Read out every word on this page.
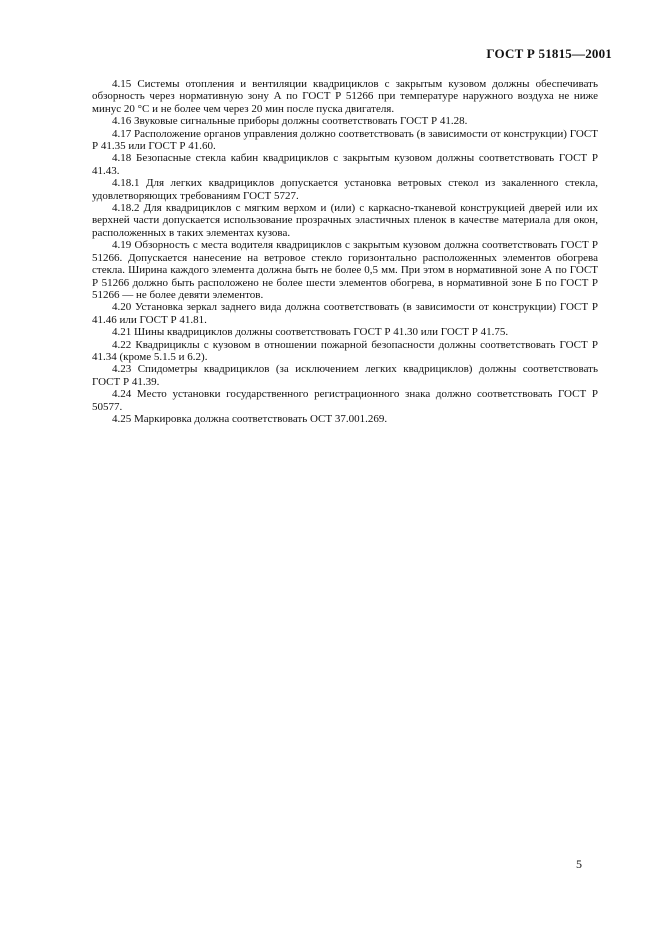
ГОСТ Р 51815—2001

4.15 Системы отопления и вентиляции квадрициклов с закрытым кузовом должны обеспечивать обзорность через нормативную зону А по ГОСТ Р 51266 при температуре наружного воздуха не ниже минус 20 °С и не более чем через 20 мин после пуска двигателя.

4.16 Звуковые сигнальные приборы должны соответствовать ГОСТ Р 41.28.

4.17 Расположение органов управления должно соответствовать (в зависимости от конструкции) ГОСТ Р 41.35 или ГОСТ Р 41.60.

4.18 Безопасные стекла кабин квадрициклов с закрытым кузовом должны соответствовать ГОСТ Р 41.43.

4.18.1 Для легких квадрициклов допускается установка ветровых стекол из закаленного стекла, удовлетворяющих требованиям ГОСТ 5727.

4.18.2 Для квадрициклов с мягким верхом и (или) с каркасно-тканевой конструкцией дверей или их верхней части допускается использование прозрачных эластичных пленок в качестве материала для окон, расположенных в таких элементах кузова.

4.19 Обзорность с места водителя квадрициклов с закрытым кузовом должна соответствовать ГОСТ Р 51266. Допускается нанесение на ветровое стекло горизонтально расположенных элементов обогрева стекла. Ширина каждого элемента должна быть не более 0,5 мм. При этом в нормативной зоне А по ГОСТ Р 51266 должно быть расположено не более шести элементов обогрева, в нормативной зоне Б по ГОСТ Р 51266 — не более девяти элементов.

4.20 Установка зеркал заднего вида должна соответствовать (в зависимости от конструкции) ГОСТ Р 41.46 или ГОСТ Р 41.81.

4.21 Шины квадрициклов должны соответствовать ГОСТ Р 41.30 или ГОСТ Р 41.75.

4.22 Квадрициклы с кузовом в отношении пожарной безопасности должны соответствовать ГОСТ Р 41.34 (кроме 5.1.5 и 6.2).

4.23 Спидометры квадрициклов (за исключением легких квадрициклов) должны соответствовать ГОСТ Р 41.39.

4.24 Место установки государственного регистрационного знака должно соответствовать ГОСТ Р 50577.

4.25 Маркировка должна соответствовать ОСТ 37.001.269.

5
